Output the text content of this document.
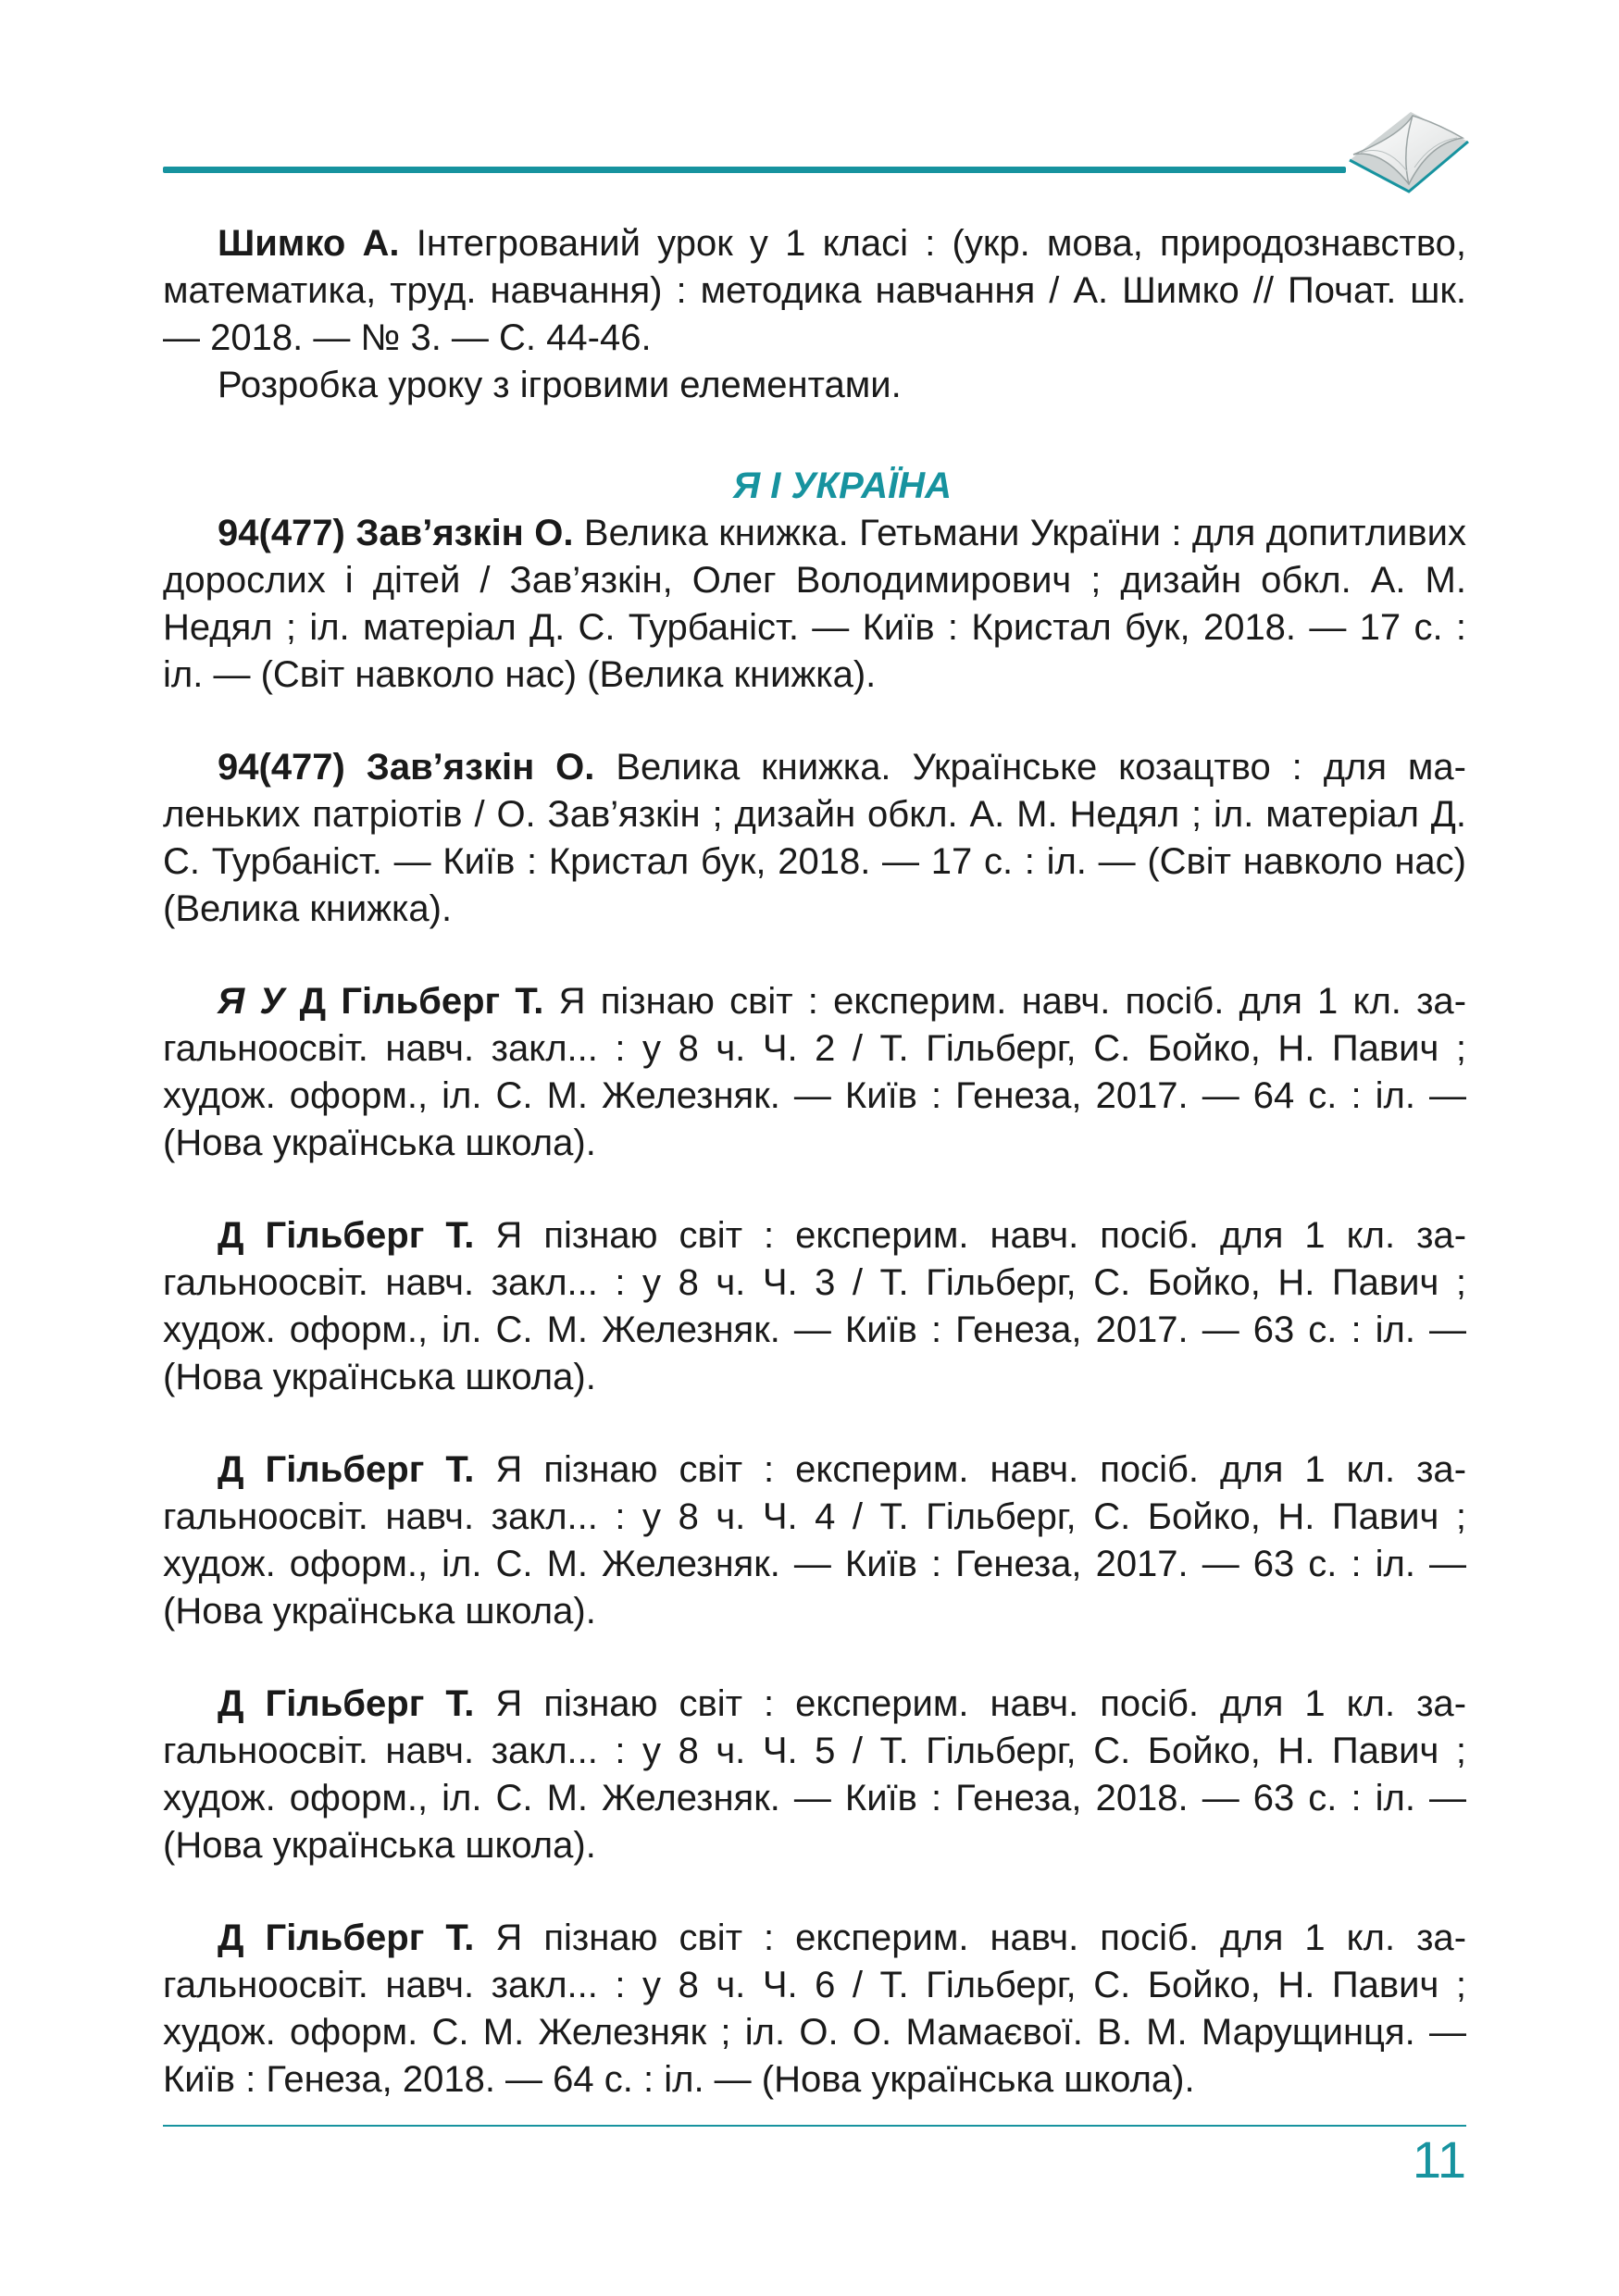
Шимко А. Інтегрований урок у 1 класі : (укр. мова, природознавство, математика, труд. навчання) : методика навчання / А. Шимко // Почат. шк. — 2018. — № 3. — С. 44-46.

Розробка уроку з ігровими елементами.

Я І УКРАЇНА

94(477) Зав’язкін О. Велика книжка. Гетьмани України : для допитливих дорослих і дітей / Зав’язкін, Олег Володимирович ; дизайн обкл. А. М. Недял ; іл. матеріал Д. С. Турбаніст. — Київ : Кристал бук, 2018. — 17 с. : іл. — (Світ навколо нас) (Велика книжка).

94(477) Зав’язкін О. Велика книжка. Українське козацтво : для маленьких патріотів / О. Зав’язкін ; дизайн обкл. А. М. Недял ; іл. матеріал Д. С. Турбаніст. — Київ : Кристал бук, 2018. — 17 с. : іл. — (Світ навколо нас) (Велика книжка).

Я У Д Гільберг Т. Я пізнаю світ : експерим. навч. посіб. для 1 кл. загальноосвіт. навч. закл... : у 8 ч. Ч. 2 / Т. Гільберг, С. Бойко, Н. Павич ; худож. оформ., іл. С. М. Железняк. — Київ : Генеза, 2017. — 64 с. : іл. — (Нова українська школа).

Д Гільберг Т. Я пізнаю світ : експерим. навч. посіб. для 1 кл. загальноосвіт. навч. закл... : у 8 ч. Ч. 3 / Т. Гільберг, С. Бойко, Н. Павич ; худож. оформ., іл. С. М. Железняк. — Київ : Генеза, 2017. — 63 с. : іл. — (Нова українська школа).

Д Гільберг Т. Я пізнаю світ : експерим. навч. посіб. для 1 кл. загальноосвіт. навч. закл... : у 8 ч. Ч. 4 / Т. Гільберг, С. Бойко, Н. Павич ; худож. оформ., іл. С. М. Железняк. — Київ : Генеза, 2017. — 63 с. : іл. — (Нова українська школа).

Д Гільберг Т. Я пізнаю світ : експерим. навч. посіб. для 1 кл. загальноосвіт. навч. закл... : у 8 ч. Ч. 5 / Т. Гільберг, С. Бойко, Н. Павич ; худож. оформ., іл. С. М. Железняк. — Київ : Генеза, 2018. — 63 с. : іл. — (Нова українська школа).

Д Гільберг Т. Я пізнаю світ : експерим. навч. посіб. для 1 кл. загальноосвіт. навч. закл... : у 8 ч. Ч. 6 / Т. Гільберг, С. Бойко, Н. Павич ; худож. оформ. С. М. Железняк ; іл. О. О. Мамаєвої. В. М. Марущинця. — Київ : Генеза, 2018. — 64 с. : іл. — (Нова українська школа).

11
